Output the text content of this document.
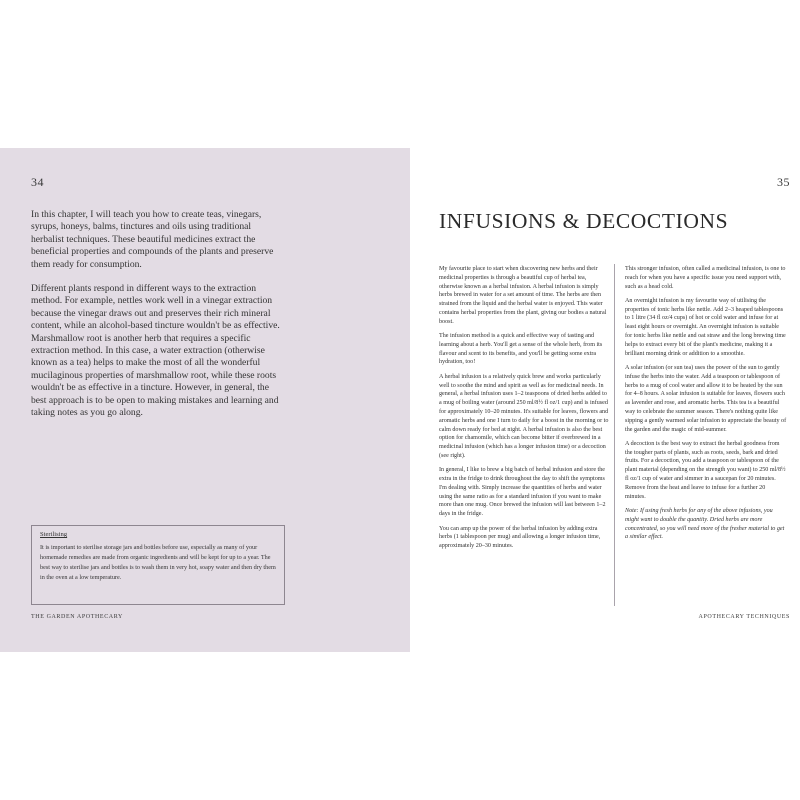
34

In this chapter, I will teach you how to create teas, vinegars, syrups, honeys, balms, tinctures and oils using traditional herbalist techniques. These beautiful medicines extract the beneficial properties and compounds of the plants and preserve them ready for consumption.

Different plants respond in different ways to the extraction method. For example, nettles work well in a vinegar extraction because the vinegar draws out and preserves their rich mineral content, while an alcohol-based tincture wouldn't be as effective. Marshmallow root is another herb that requires a specific extraction method. In this case, a water extraction (otherwise known as a tea) helps to make the most of all the wonderful mucilaginous properties of marshmallow root, while these roots wouldn't be as effective in a tincture. However, in general, the best approach is to be open to making mistakes and learning and taking notes as you go along.

Sterilising
It is important to sterilise storage jars and bottles before use, especially as many of your homemade remedies are made from organic ingredients and will be kept for up to a year. The best way to sterilise jars and bottles is to wash them in very hot, soapy water and then dry them in the oven at a low temperature.
THE GARDEN APOTHECARY
35
INFUSIONS & DECOCTIONS

My favourite place to start when discovering new herbs and their medicinal properties is through a beautiful cup of herbal tea, otherwise known as a herbal infusion. A herbal infusion is simply herbs brewed in water for a set amount of time. The herbs are then strained from the liquid and the herbal water is enjoyed. This water contains herbal properties from the plant, giving our bodies a natural boost.

The infusion method is a quick and effective way of tasting and learning about a herb. You'll get a sense of the whole herb, from its flavour and scent to its benefits, and you'll be getting some extra hydration, too!

A herbal infusion is a relatively quick brew and works particularly well to soothe the mind and spirit as well as for medicinal needs. In general, a herbal infusion uses 1–2 teaspoons of dried herbs added to a mug of boiling water (around 250 ml/8½ fl oz/1 cup) and is infused for approximately 10–20 minutes. It's suitable for leaves, flowers and aromatic herbs and one I turn to daily for a boost in the morning or to calm down ready for bed at night. A herbal infusion is also the best option for chamomile, which can become bitter if overbrewed in a medicinal infusion (which has a longer infusion time) or a decoction (see right).

In general, I like to brew a big batch of herbal infusion and store the extra in the fridge to drink throughout the day to shift the symptoms I'm dealing with. Simply increase the quantities of herbs and water using the same ratio as for a standard infusion if you want to make more than one mug. Once brewed the infusion will last between 1–2 days in the fridge.

You can amp up the power of the herbal infusion by adding extra herbs (1 tablespoon per mug) and allowing a longer infusion time, approximately 20–30 minutes.

This stronger infusion, often called a medicinal infusion, is one to reach for when you have a specific issue you need support with, such as a head cold.

An overnight infusion is my favourite way of utilising the properties of tonic herbs like nettle. Add 2–3 heaped tablespoons to 1 litre (34 fl oz/4 cups) of hot or cold water and infuse for at least eight hours or overnight. An overnight infusion is suitable for tonic herbs like nettle and oat straw and the long brewing time helps to extract every bit of the plant's medicine, making it a brilliant morning drink or addition to a smoothie.

A solar infusion (or sun tea) uses the power of the sun to gently infuse the herbs into the water. Add a teaspoon or tablespoon of herbs to a mug of cool water and allow it to be heated by the sun for 4–8 hours. A solar infusion is suitable for leaves, flowers such as lavender and rose, and aromatic herbs. This tea is a beautiful way to celebrate the summer season. There's nothing quite like sipping a gently warmed solar infusion to appreciate the beauty of the garden and the magic of mid-summer.

A decoction is the best way to extract the herbal goodness from the tougher parts of plants, such as roots, seeds, bark and dried fruits. For a decoction, you add a teaspoon or tablespoon of the plant material (depending on the strength you want) to 250 ml/8½ fl oz/1 cup of water and simmer in a saucepan for 20 minutes. Remove from the heat and leave to infuse for a further 20 minutes.

Note: If using fresh herbs for any of the above infusions, you might want to double the quantity. Dried herbs are more concentrated, so you will need more of the fresher material to get a similar effect.

APOTHECARY TECHNIQUES
